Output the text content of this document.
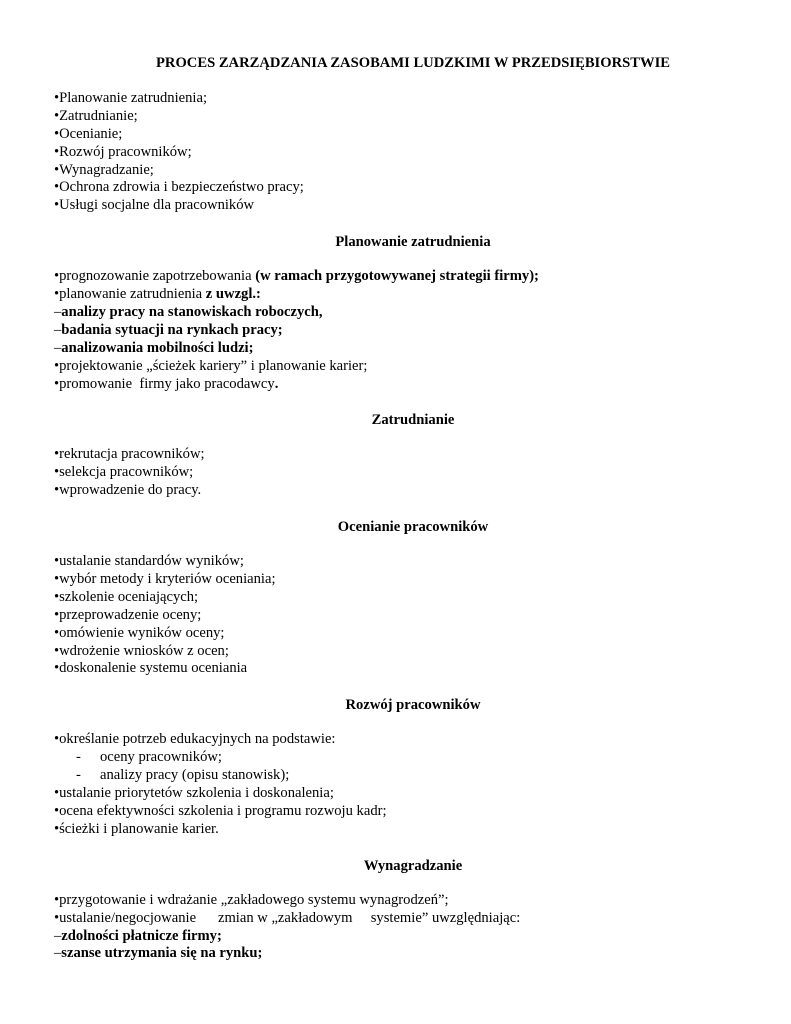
PROCES ZARZĄDZANIA ZASOBAMI LUDZKIMI W PRZEDSIĘBIORSTWIE
•Planowanie zatrudnienia;
•Zatrudnianie;
•Ocenianie;
•Rozwój pracowników;
•Wynagradzanie;
•Ochrona zdrowia i bezpieczeństwo pracy;
•Usługi socjalne dla pracowników
Planowanie zatrudnienia
•prognozowanie zapotrzebowania (w ramach przygotowywanej strategii firmy);
•planowanie zatrudnienia z uwzgl.:
–analizy pracy na stanowiskach roboczych,
–badania sytuacji na rynkach pracy;
–analizowania mobilności ludzi;
•projektowanie „ścieżek kariery” i planowanie karier;
•promowanie  firmy jako pracodawcy.
Zatrudnianie
•rekrutacja pracowników;
•selekcja pracowników;
•wprowadzenie do pracy.
Ocenianie pracowników
•ustalanie standardów wyników;
•wybór metody i kryteriów oceniania;
•szkolenie oceniających;
•przeprowadzenie oceny;
•omówienie wyników oceny;
•wdrożenie wniosków z ocen;
•doskonalenie systemu oceniania
Rozwój pracowników
•określanie potrzeb edukacyjnych na podstawie:
- oceny pracowników;
- analizy pracy (opisu stanowisk);
•ustalanie priorytetów szkolenia i doskonalenia;
•ocena efektywności szkolenia i programu rozwoju kadr;
•ścieżki i planowanie karier.
Wynagradzanie
•przygotowanie i wdrażanie „zakładowego systemu wynagrodzeń”;
•ustalanie/negocjowanie      zmian w „zakładowym     systemie” uwzględniając:
–zdolności płatnicze firmy;
–szanse utrzymania się na rynku;
